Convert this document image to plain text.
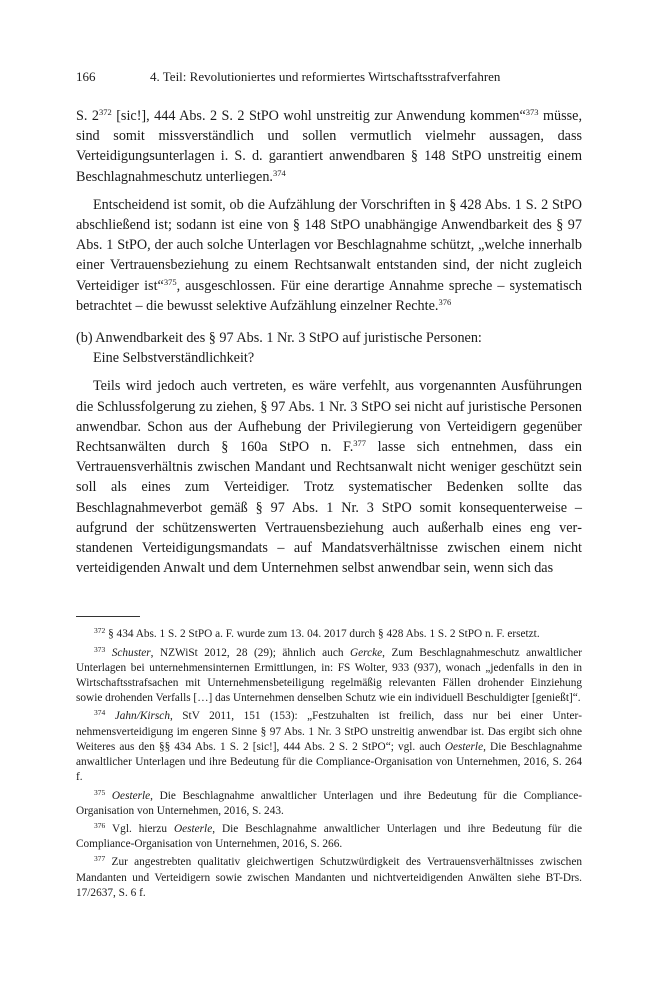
166	4. Teil: Revolutioniertes und reformiertes Wirtschaftsstrafverfahren

S. $2^{372}$ [sic!], 444 Abs. 2 S. 2 StPO wohl unstreitig zur Anwendung kommen“$^{373}$ müsse, sind somit missverständlich und sollen vermutlich vielmehr aussagen, dass Verteidigungsunterlagen i. S. d. garantiert anwendbaren § 148 StPO unstreitig einem Beschlagnahmeschutz unterliegen.$^{374}$

Entscheidend ist somit, ob die Aufzählung der Vorschriften in § 428 Abs. 1 S. 2 StPO abschließend ist; sodann ist eine von § 148 StPO unabhängige Anwendbarkeit des § 97 Abs. 1 StPO, der auch solche Unterlagen vor Beschlagnahme schützt, „welche innerhalb einer Vertrauensbeziehung zu einem Rechtsanwalt entstanden sind, der nicht zugleich Verteidiger ist“$^{375}$, ausgeschlossen. Für eine derartige Annahme spreche – systematisch betrachtet – die bewusst selektive Aufzählung einzelner Rechte.$^{376}$

(b) Anwendbarkeit des § 97 Abs. 1 Nr. 3 StPO auf juristische Personen:
Eine Selbstverständlichkeit?

Teils wird jedoch auch vertreten, es wäre verfehlt, aus vorgenannten Ausführungen die Schlussfolgerung zu ziehen, § 97 Abs. 1 Nr. 3 StPO sei nicht auf juristische Personen anwendbar. Schon aus der Aufhebung der Privilegierung von Verteidigern gegenüber Rechtsanwälten durch § 160a StPO n. F.$^{377}$ lasse sich entnehmen, dass ein Vertrauensverhältnis zwischen Mandant und Rechtsanwalt nicht weniger geschützt sein soll als eines zum Verteidiger. Trotz systematischer Bedenken sollte das Beschlagnahmeverbot gemäß § 97 Abs. 1 Nr. 3 StPO somit konsequenterweise – aufgrund der schützenswerten Vertrauensbeziehung auch außerhalb eines eng verstandenen Verteidigungsmandats – auf Mandatsverhältnisse zwischen einem nicht verteidigenden Anwalt und dem Unternehmen selbst anwendbar sein, wenn sich das

$^{372}$ § 434 Abs. 1 S. 2 StPO a. F. wurde zum 13. 04. 2017 durch § 428 Abs. 1 S. 2 StPO n. F. ersetzt.

$^{373}$ Schuster, NZWiSt 2012, 28 (29); ähnlich auch Gercke, Zum Beschlagnahmeschutz anwaltlicher Unterlagen bei unternehmensinternen Ermittlungen, in: FS Wolter, 933 (937), wonach „jedenfalls in den in Wirtschaftsstrafsachen mit Unternehmensbeteiligung regelmäßig relevanten Fällen drohender Einziehung sowie drohenden Verfalls […] das Unternehmen denselben Schutz wie ein individuell Beschuldigter [genießt]“.

$^{374}$ Jahn/Kirsch, StV 2011, 151 (153): „Festzuhalten ist freilich, dass nur bei einer Unternehmensverteidigung im engeren Sinne § 97 Abs. 1 Nr. 3 StPO unstreitig anwendbar ist. Das ergibt sich ohne Weiteres aus den §§ 434 Abs. 1 S. 2 [sic!], 444 Abs. 2 S. 2 StPO“; vgl. auch Oesterle, Die Beschlagnahme anwaltlicher Unterlagen und ihre Bedeutung für die Compliance-Organisation von Unternehmen, 2016, S. 264 f.

$^{375}$ Oesterle, Die Beschlagnahme anwaltlicher Unterlagen und ihre Bedeutung für die Compliance-Organisation von Unternehmen, 2016, S. 243.

$^{376}$ Vgl. hierzu Oesterle, Die Beschlagnahme anwaltlicher Unterlagen und ihre Bedeutung für die Compliance-Organisation von Unternehmen, 2016, S. 266.

$^{377}$ Zur angestrebten qualitativ gleichwertigen Schutzwürdigkeit des Vertrauensverhältnisses zwischen Mandanten und Verteidigern sowie zwischen Mandanten und nichtverteidigenden Anwälten siehe BT-Drs. 17/2637, S. 6 f.
